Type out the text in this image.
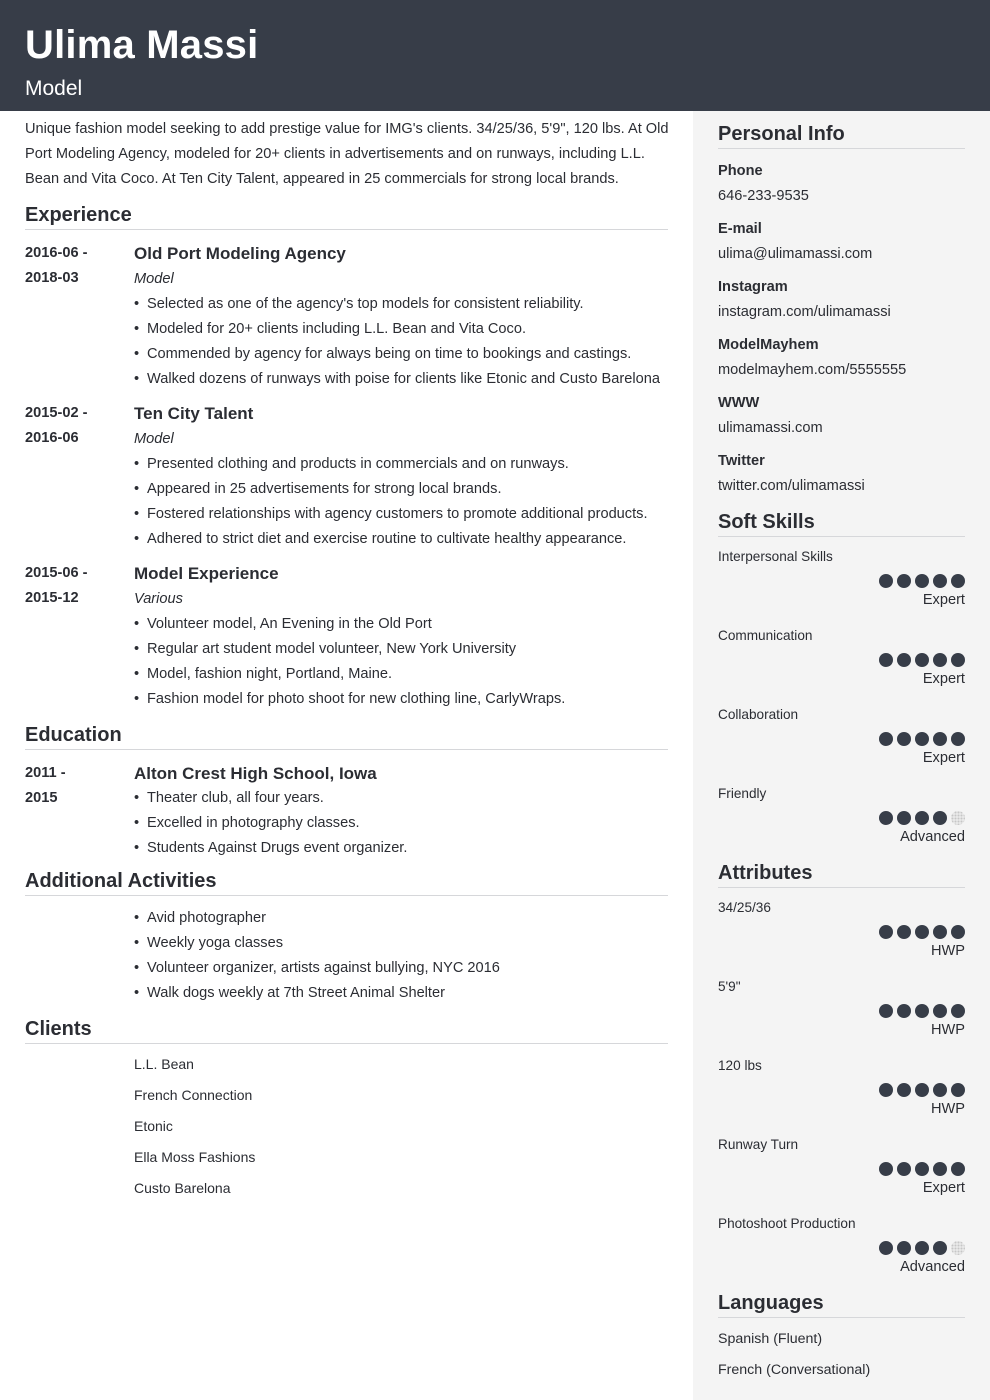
Ulima Massi
Model
Unique fashion model seeking to add prestige value for IMG's clients. 34/25/36, 5'9", 120 lbs. At Old Port Modeling Agency, modeled for 20+ clients in advertisements and on runways, including L.L. Bean and Vita Coco. At Ten City Talent, appeared in 25 commercials for strong local brands.
Experience
2016-06 -
2018-03
Old Port Modeling Agency
Model
• Selected as one of the agency's top models for consistent reliability.
• Modeled for 20+ clients including L.L. Bean and Vita Coco.
• Commended by agency for always being on time to bookings and castings.
• Walked dozens of runways with poise for clients like Etonic and Custo Barelona
2015-02 -
2016-06
Ten City Talent
Model
• Presented clothing and products in commercials and on runways.
• Appeared in 25 advertisements for strong local brands.
• Fostered relationships with agency customers to promote additional products.
• Adhered to strict diet and exercise routine to cultivate healthy appearance.
2015-06 -
2015-12
Model Experience
Various
• Volunteer model, An Evening in the Old Port
• Regular art student model volunteer, New York University
• Model, fashion night, Portland, Maine.
• Fashion model for photo shoot for new clothing line, CarlyWraps.
Education
2011 -
2015
Alton Crest High School, Iowa
• Theater club, all four years.
• Excelled in photography classes.
• Students Against Drugs event organizer.
Additional Activities
• Avid photographer
• Weekly yoga classes
• Volunteer organizer, artists against bullying, NYC 2016
• Walk dogs weekly at 7th Street Animal Shelter
Clients
L.L. Bean
French Connection
Etonic
Ella Moss Fashions
Custo Barelona
Personal Info
Phone
646-233-9535
E-mail
ulima@ulimamassi.com
Instagram
instagram.com/ulimamassi
ModelMayhem
modelmayhem.com/5555555
WWW
ulimamassi.com
Twitter
twitter.com/ulimamassi
Soft Skills
Interpersonal Skills
Expert
Communication
Expert
Collaboration
Expert
Friendly
Advanced
Attributes
34/25/36
HWP
5'9"
HWP
120 lbs
HWP
Runway Turn
Expert
Photoshoot Production
Advanced
Languages
Spanish (Fluent)
French (Conversational)
